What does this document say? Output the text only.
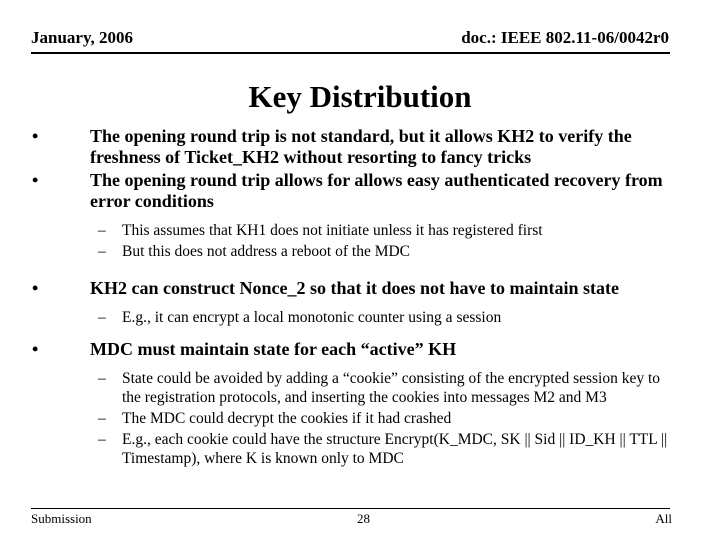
January, 2006	doc.: IEEE 802.11-06/0042r0
Key Distribution
•	The opening round trip is not standard, but it allows KH2 to verify the freshness of Ticket_KH2 without resorting to fancy tricks
•	The opening round trip allows for allows easy authenticated recovery from error conditions
– This assumes that KH1 does not initiate unless it has registered first
– But this does not address a reboot of the MDC
•	KH2 can construct Nonce_2 so that it does not have to maintain state
– E.g., it can encrypt a local monotonic counter using a session
•	MDC must maintain state for each “active” KH
– State could be avoided by adding a “cookie” consisting of the encrypted session key to the registration protocols, and inserting the cookies into messages M2 and M3
– The MDC could decrypt the cookies if it had crashed
– E.g., each cookie could have the structure Encrypt(K_MDC, SK || Sid || ID_KH || TTL || Timestamp), where K is known only to MDC
Submission	28	All
